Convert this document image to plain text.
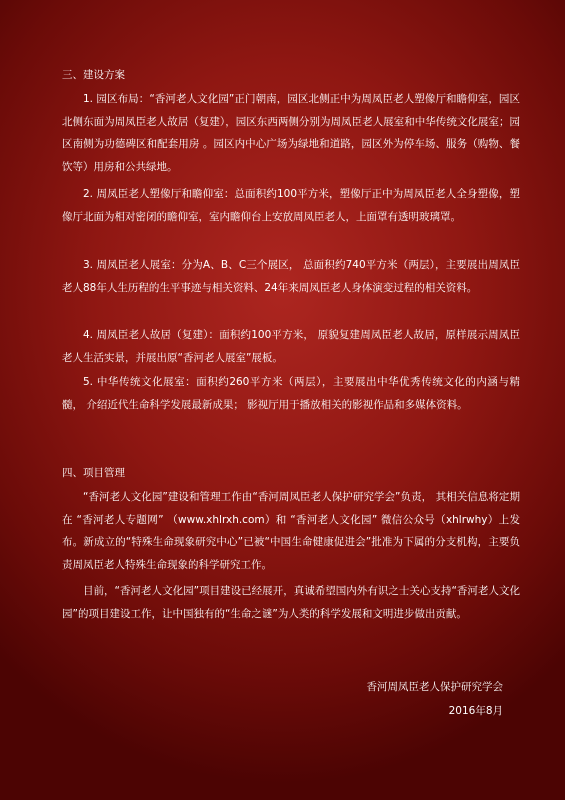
三、建设方案

1. 园区布局：“香河老人文化园”正门朝南，园区北侧正中为周凤臣老人塑像厅和瞻仰室，园区北侧东面为周凤臣老人故居（复建），园区东西两侧分别为周凤臣老人展室和中华传统文化展室；园区南侧为功德碑区和配套用房 。园区内中心广场为绿地和道路，园区外为停车场、服务（购物、餐饮等）用房和公共绿地。

2. 周凤臣老人塑像厅和瞻仰室：总面积约100平方米，塑像厅正中为周凤臣老人全身塑像，塑像厅北面为相对密闭的瞻仰室，室内瞻仰台上安放周凤臣老人，上面罩有透明玻璃罩。

3. 周凤臣老人展室：分为A、B、C三个展区， 总面积约740平方米（两层），主要展出周凤臣老人88年人生历程的生平事迹与相关资料、24年来周凤臣老人身体演变过程的相关资料。

4. 周凤臣老人故居（复建）：面积约100平方米， 原貌复建周凤臣老人故居，原样展示周凤臣老人生活实景，并展出原“香河老人展室”展板。

5. 中华传统文化展室：面积约260平方米（两层），主要展出中华优秀传统文化的内涵与精髓， 介绍近代生命科学发展最新成果； 影视厅用于播放相关的影视作品和多媒体资料。

四、项目管理

“香河老人文化园”建设和管理工作由“香河周凤臣老人保护研究学会”负责， 其相关信息将定期在 “香河老人专题网” （www.xhlrxh.com）和 “香河老人文化园” 微信公众号（xhlrwhy）上发布。新成立的“特殊生命现象研究中心”已被“中国生命健康促进会”批准为下属的分支机构，主要负责周凤臣老人特殊生命现象的科学研究工作。

目前，“香河老人文化园”项目建设已经展开，真诚希望国内外有识之士关心支持“香河老人文化园”的项目建设工作，让中国独有的“生命之谜”为人类的科学发展和文明进步做出贡献。

香河周凤臣老人保护研究学会
2016年8月
